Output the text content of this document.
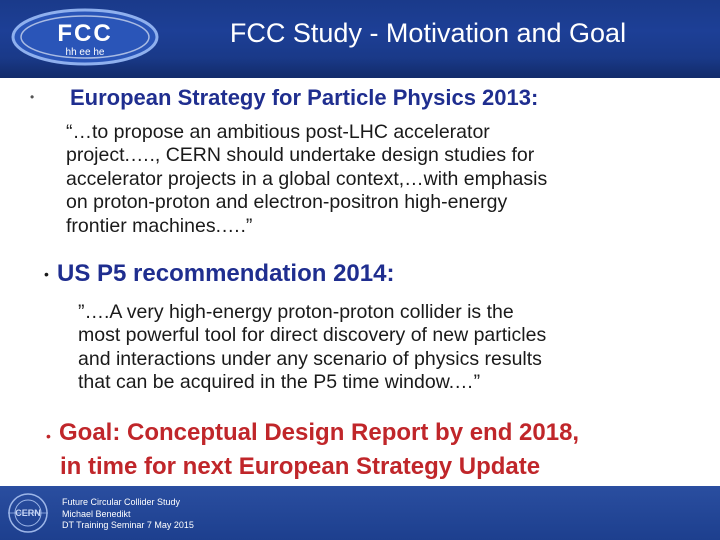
FCC
hh ee he
FCC Study - Motivation and Goal
• European Strategy for Particle Physics 2013:
“…to propose an ambitious post-LHC accelerator
project.…., CERN should undertake design studies for
accelerator projects in a global context,…with emphasis
on proton-proton and electron-positron high-energy
frontier machines.….”
• US P5 recommendation 2014:
”….A very high-energy proton-proton collider is the
most powerful tool for direct discovery of new particles
and interactions under any scenario of physics results
that can be acquired in the P5 time window.…”
• Goal: Conceptual Design Report by end 2018,
in time for next European Strategy Update
CERN
Future Circular Collider Study
Michael Benedikt
DT Training Seminar 7 May 2015
